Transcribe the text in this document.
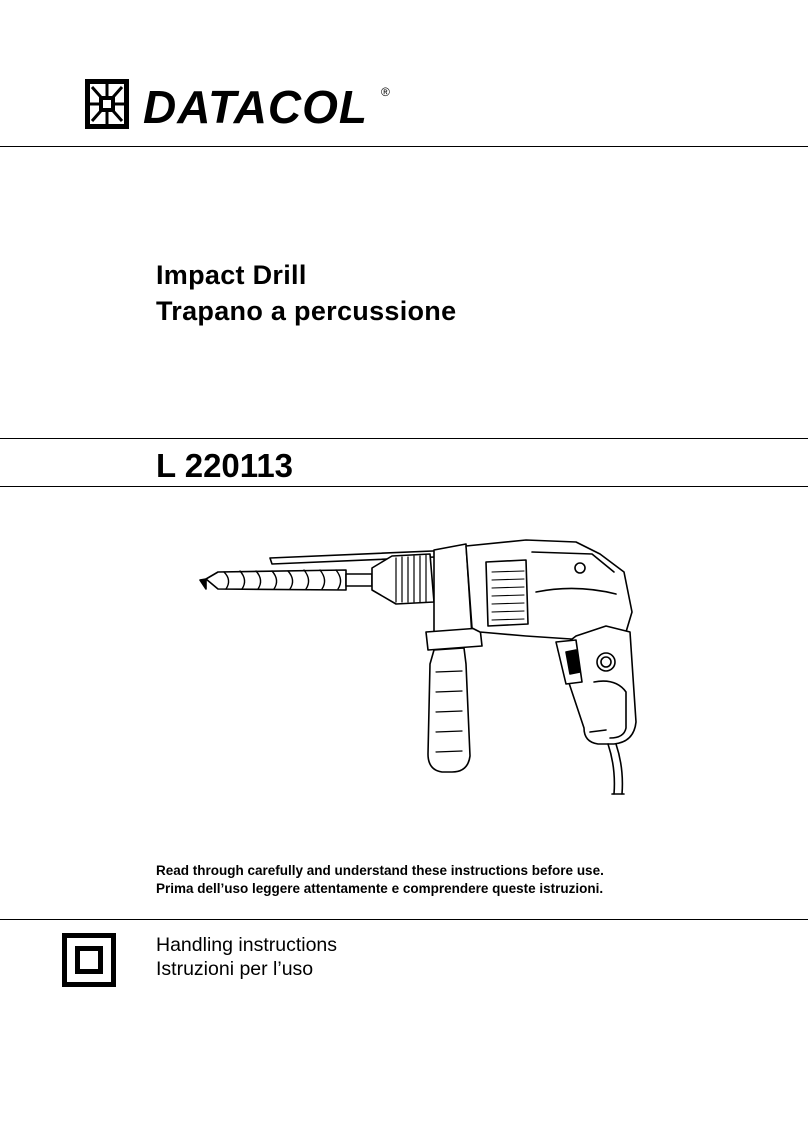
DATACOL ®
Impact Drill
Trapano a percussione
L 220113
Read through carefully and understand these instructions before use.
Prima dell’uso leggere attentamente e comprendere queste istruzioni.
Handling instructions
Istruzioni per l’uso
